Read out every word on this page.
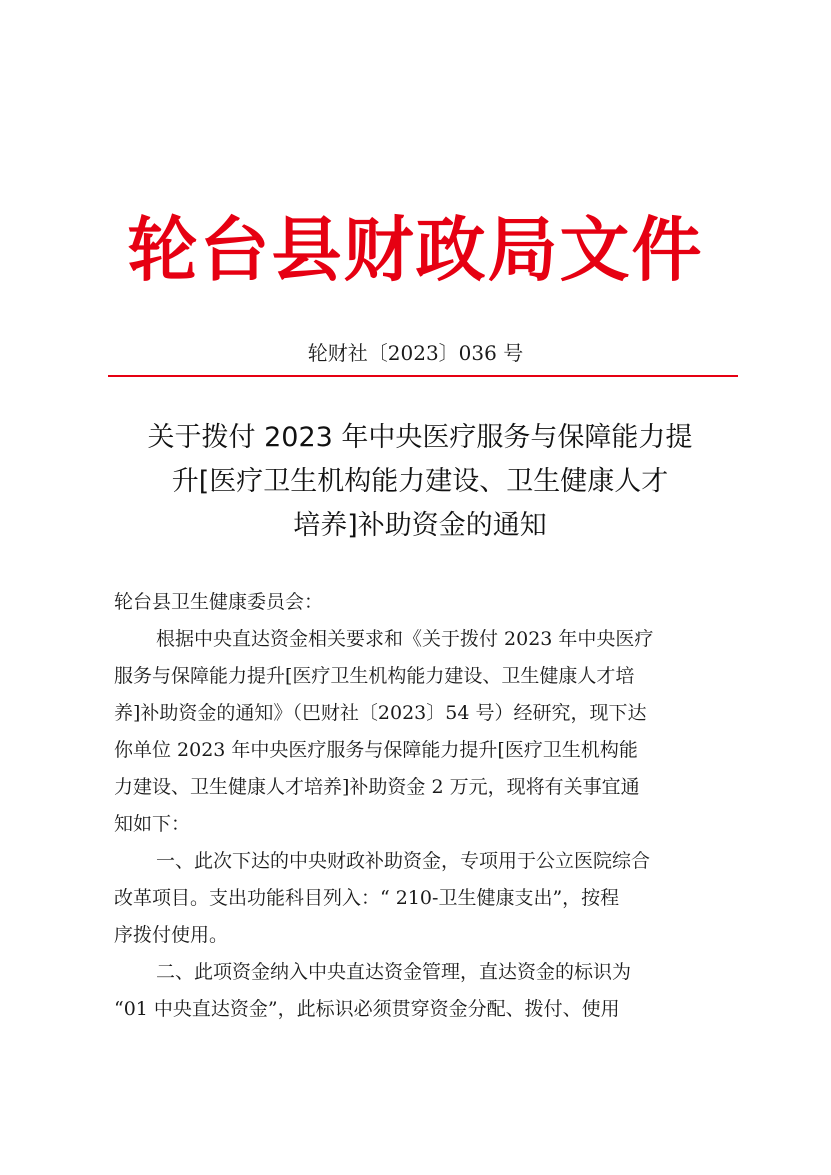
轮台县财政局文件
轮财社〔2023〕036 号
关于拨付 2023 年中央医疗服务与保障能力提
升[医疗卫生机构能力建设、卫生健康人才
培养]补助资金的通知
轮台县卫生健康委员会：
根据中央直达资金相关要求和《关于拨付 2023 年中央医疗
服务与保障能力提升[医疗卫生机构能力建设、卫生健康人才培
养]补助资金的通知》（巴财社〔2023〕54 号）经研究，现下达
你单位 2023 年中央医疗服务与保障能力提升[医疗卫生机构能
力建设、卫生健康人才培养]补助资金 2 万元，现将有关事宜通
知如下：
一、此次下达的中央财政补助资金，专项用于公立医院综合
改革项目。支出功能科目列入：“ 210-卫生健康支出”，按程
序拨付使用。
二、此项资金纳入中央直达资金管理，直达资金的标识为
“01 中央直达资金”，此标识必须贯穿资金分配、拨付、使用
